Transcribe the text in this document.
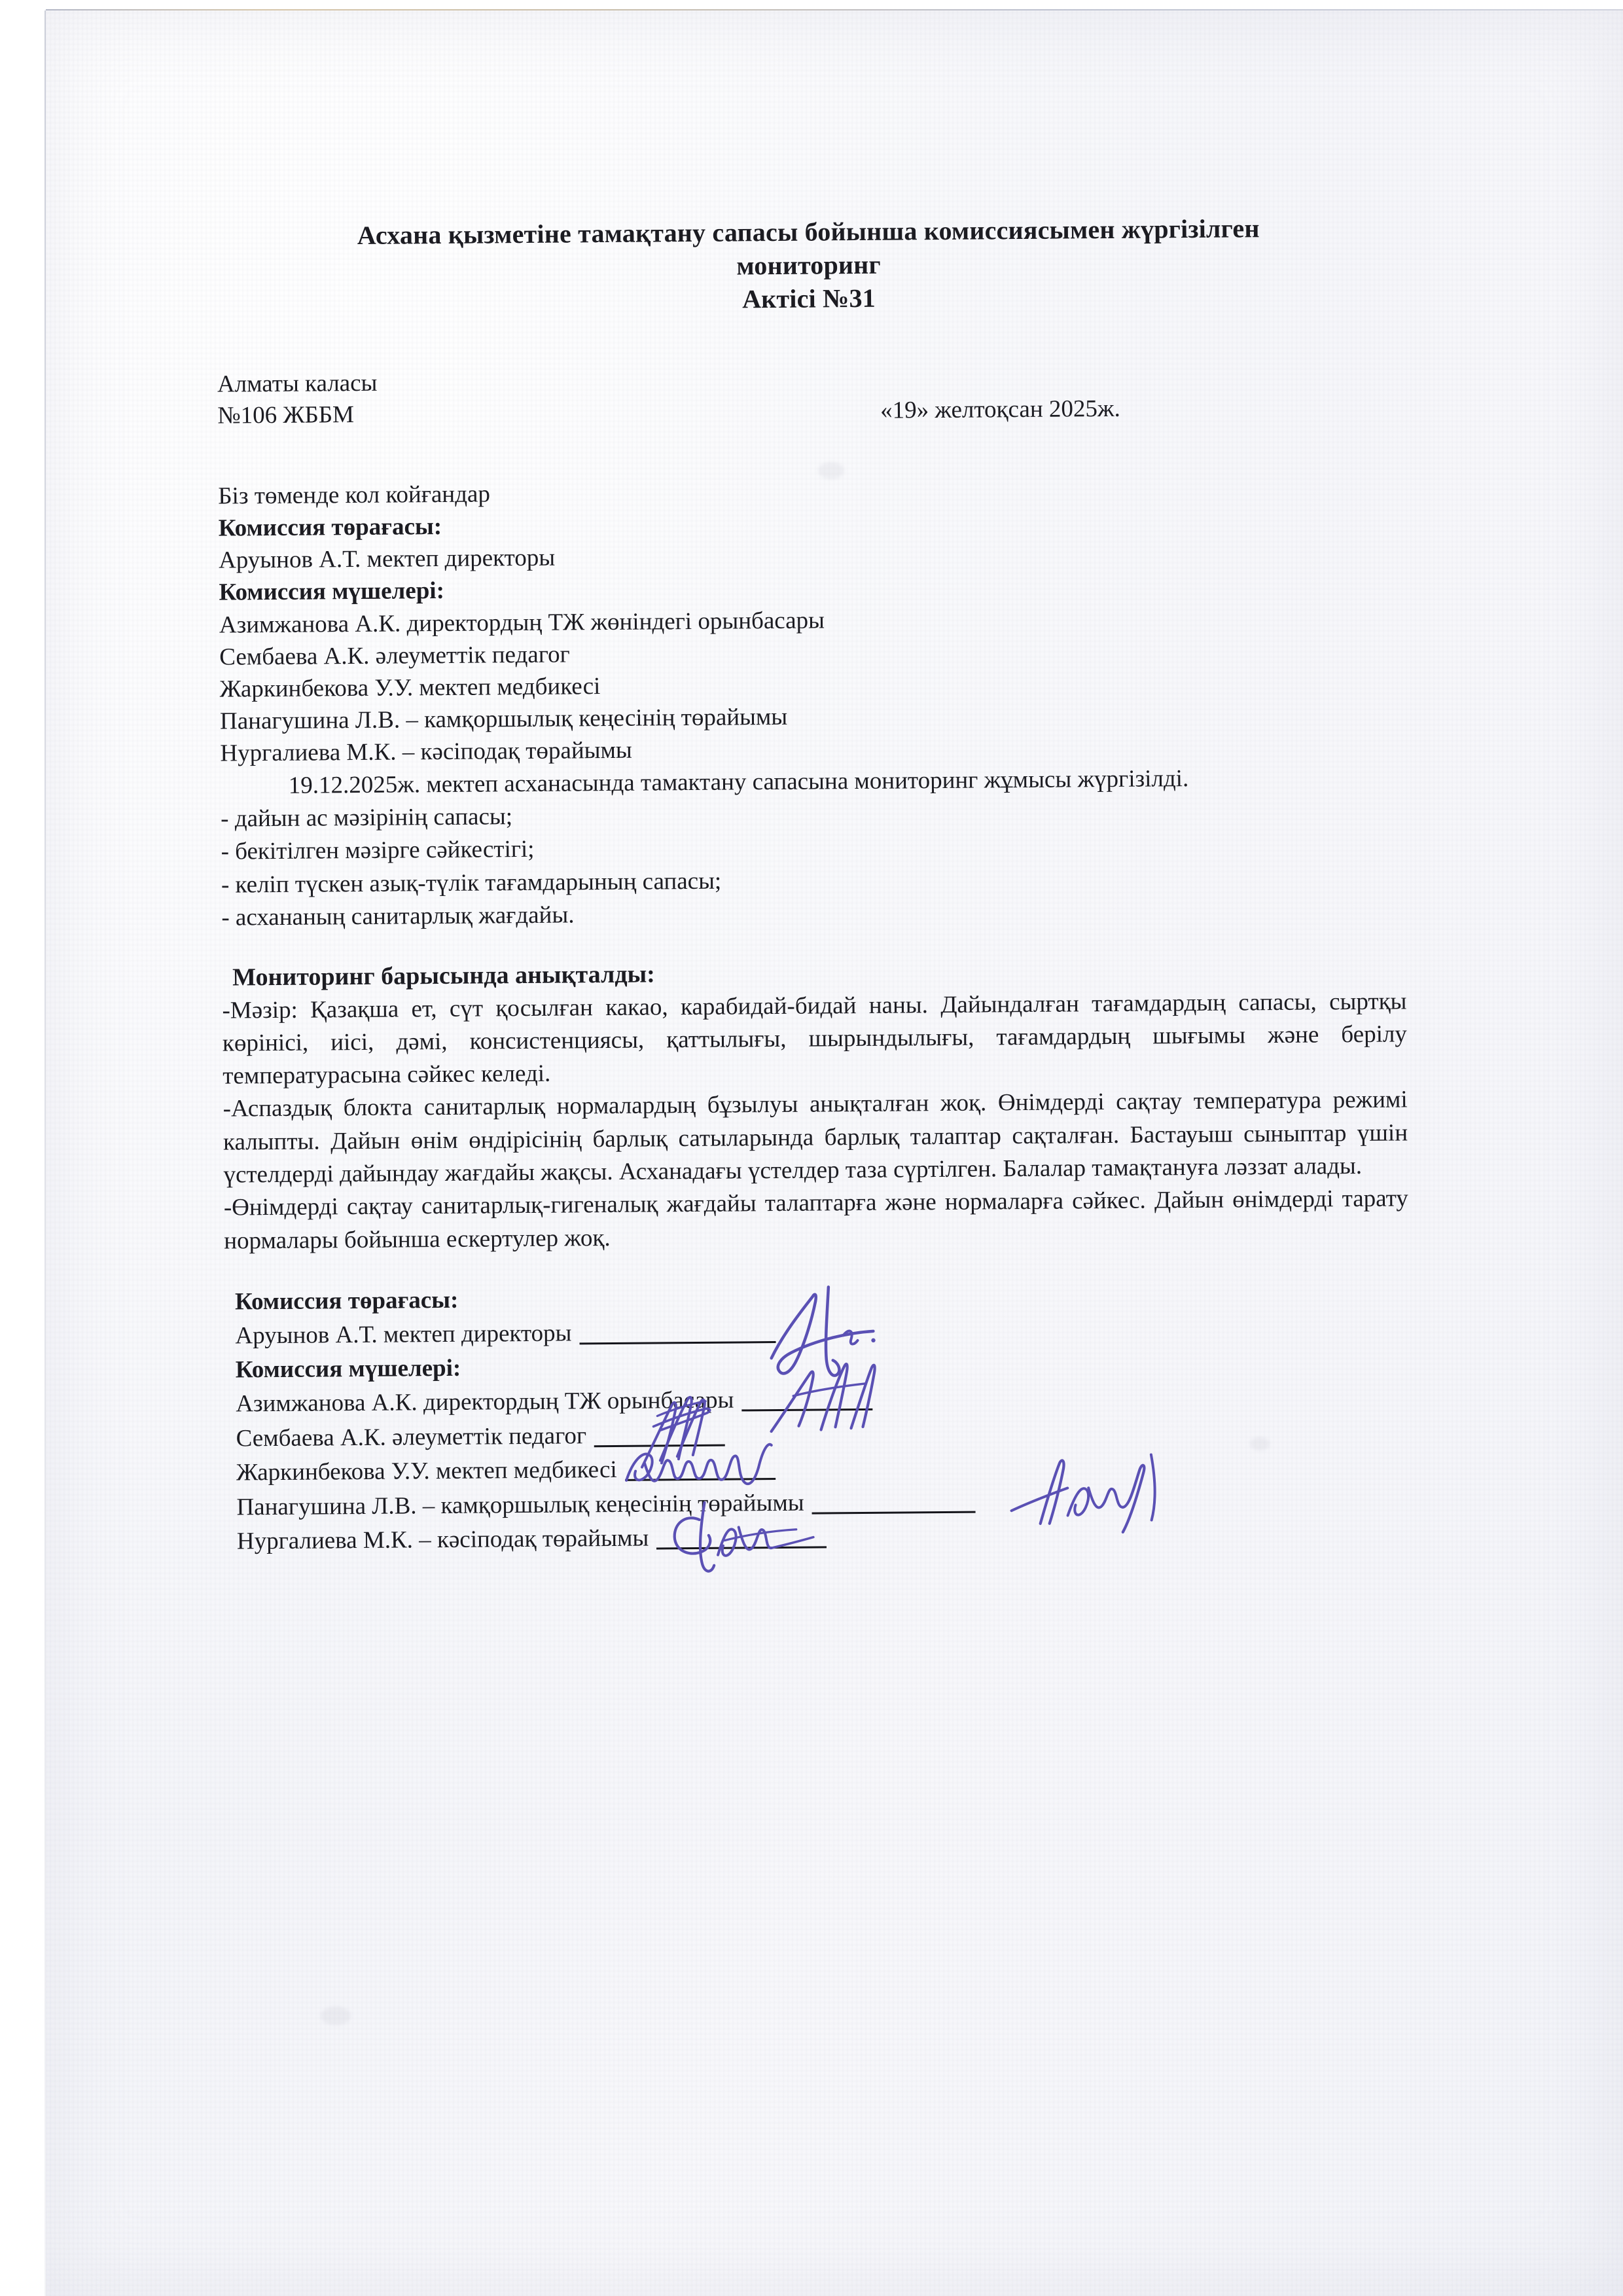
Асхана қызметіне тамақтану сапасы бойынша комиссиясымен жүргізілген
мониторинг
Актici №31
Алматы каласы
№106 ЖББМ	«19» желтоқсан 2025ж.
Біз төменде кол койғандар
Комиссия төрағасы:
Аруынов А.Т. мектеп директоры
Комиссия мүшелері:
Азимжанова А.К. директордың ТЖ жөніндегі орынбасары
Сембаева А.К. әлеуметтік педагог
Жаркинбекова У.У. мектеп медбикесі
Панагушина Л.В. – камқоршылық кеңесінің төрайымы
Нургалиева М.К. – кәсіподақ төрайымы

19.12.2025ж. мектеп асханасында тамактану сапасына мониторинг жұмысы жүргізілді.

- дайын ас мәзірінің сапасы;
- бекітілген мәзірге сәйкестігі;
- келіп түскен азық-түлік тағамдарының сапасы;
- асхананың санитарлық жағдайы.
Мониторинг барысында анықталды:

-Мәзір: Қазақша ет, сүт қосылған какао, карабидай-бидай наны. Дайындалған тағамдардың сапасы, сыртқы көрінісі, иісі, дәмі, консистенциясы, қаттылығы, шырындылығы, тағамдардың шығымы және берілу температурасына сәйкес келеді.

-Аспаздық блокта санитарлық нормалардың бұзылуы анықталған жоқ. Өнімдерді сақтау температура режимі калыпты. Дайын өнім өндірісінің барлық сатыларында барлық талаптар сақталған. Бастауыш сыныптар үшін үстелдерді дайындау жағдайы жақсы. Асханадағы үстелдер таза сүртілген. Балалар тамақтануға ләззат алады.

-Өнімдерді сақтау санитарлық-гигеналық жағдайы талаптарға және нормаларға сәйкес. Дайын өнімдерді тарату нормалары бойынша ескертулер жоқ.

Комиссия төрағасы:
Аруынов А.Т. мектеп директоры
Комиссия мүшелері:
Азимжанова А.К. директордың ТЖ орынбасары
Сембаева А.К. әлеуметтік педагог
Жаркинбекова У.У. мектеп медбикесі
Панагушина Л.В. – камқоршылық кеңесінің төрайымы
Нургалиева М.К. – кәсіподақ төрайымы
